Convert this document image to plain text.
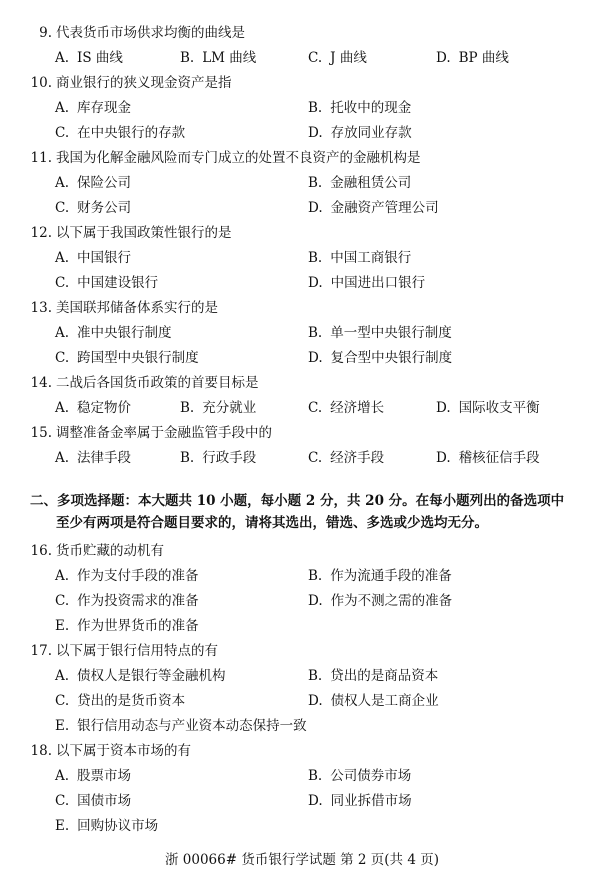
9. 代表货币市场供求均衡的曲线是
A. IS 曲线	B. LM 曲线	C. J 曲线	D. BP 曲线
10. 商业银行的狭义现金资产是指
A. 库存现金	B. 托收中的现金
C. 在中央银行的存款	D. 存放同业存款
11. 我国为化解金融风险而专门成立的处置不良资产的金融机构是
A. 保险公司	B. 金融租赁公司
C. 财务公司	D. 金融资产管理公司
12. 以下属于我国政策性银行的是
A. 中国银行	B. 中国工商银行
C. 中国建设银行	D. 中国进出口银行
13. 美国联邦储备体系实行的是
A. 准中央银行制度	B. 单一型中央银行制度
C. 跨国型中央银行制度	D. 复合型中央银行制度
14. 二战后各国货币政策的首要目标是
A. 稳定物价	B. 充分就业	C. 经济增长	D. 国际收支平衡
15. 调整准备金率属于金融监管手段中的
A. 法律手段	B. 行政手段	C. 经济手段	D. 稽核征信手段
二、多项选择题：本大题共 10 小题，每小题 2 分，共 20 分。在每小题列出的备选项中
至少有两项是符合题目要求的，请将其选出，错选、多选或少选均无分。
16. 货币贮藏的动机有
A. 作为支付手段的准备	B. 作为流通手段的准备
C. 作为投资需求的准备	D. 作为不测之需的准备
E. 作为世界货币的准备
17. 以下属于银行信用特点的有
A. 债权人是银行等金融机构	B. 贷出的是商品资本
C. 贷出的是货币资本	D. 债权人是工商企业
E. 银行信用动态与产业资本动态保持一致
18. 以下属于资本市场的有
A. 股票市场	B. 公司债券市场
C. 国债市场	D. 同业拆借市场
E. 回购协议市场
浙 00066# 货币银行学试题 第 2 页(共 4 页)
